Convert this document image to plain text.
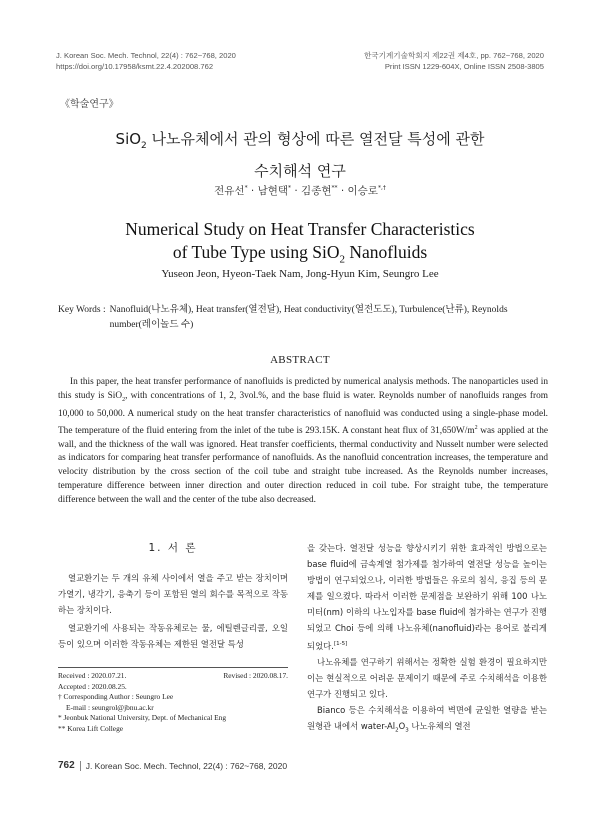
J. Korean Soc. Mech. Technol, 22(4) : 762~768, 2020
https://doi.org/10.17958/ksmt.22.4.202008.762
한국기계기술학회지 제22권 제4호, pp. 762~768, 2020
Print ISSN 1229-604X, Online ISSN 2508-3805
《학술연구》
SiO$_2$ 나노유체에서 관의 형상에 따른 열전달 특성에 관한
수치해석 연구
전유선* · 남현택* · 김종현** · 이승로*,†
Numerical Study on Heat Transfer Characteristics
of Tube Type using SiO$_2$ Nanofluids
Yuseon Jeon, Hyeon-Taek Nam, Jong-Hyun Kim, Seungro Lee
Key Words : Nanofluid(나노유체), Heat transfer(열전달), Heat conductivity(열전도도), Turbulence(난류), Reynolds number(레이놀드 수)
ABSTRACT
In this paper, the heat transfer performance of nanofluids is predicted by numerical analysis methods. The nanoparticles used in this study is SiO$_2$, with concentrations of 1, 2, 3vol.%, and the base fluid is water. Reynolds number of nanofluids ranges from 10,000 to 50,000. A numerical study on the heat transfer characteristics of nanofluid was conducted using a single-phase model. The temperature of the fluid entering from the inlet of the tube is 293.15K. A constant heat flux of $31,650W/m^2$ was applied at the wall, and the thickness of the wall was ignored. Heat transfer coefficients, thermal conductivity and Nusselt number were selected as indicators for comparing heat transfer performance of nanofluids. As the nanofluid concentration increases, the temperature and velocity distribution by the cross section of the coil tube and straight tube increased. As the Reynolds number increases, temperature difference between inner direction and outer direction reduced in coil tube. For straight tube, the temperature difference between the wall and the center of the tube also decreased.
1. 서 론

열교환기는 두 개의 유체 사이에서 열을 주고 받는 장치이며 가열기, 냉각기, 응축기 등이 포함된 열의 회수를 목적으로 작동하는 장치이다.

열교환기에 사용되는 작동유체로는 물, 에틸렌글리콜, 오일 등이 있으며 이러한 작동유체는 제한된 열전달 특성

Received : 2020.07.21.	Revised : 2020.08.17.
Accepted : 2020.08.25.
† Corresponding Author : Seungro Lee
E-mail : seungrol@jbnu.ac.kr
* Jeonbuk National University, Dept. of Mechanical Eng
** Korea Lift College

을 갖는다. 열전달 성능을 향상시키기 위한 효과적인 방법으로는 base fluid에 금속계열 첨가제를 첨가하여 열전달 성능을 높이는 방법이 연구되었으나, 이러한 방법들은 유로의 침식, 응집 등의 문제를 일으켰다. 따라서 이러한 문제점을 보완하기 위해 100 나노미터(nm) 이하의 나노입자를 base fluid에 첨가하는 연구가 진행되었고 Choi 등에 의해 나노유체(nanofluid)라는 용어로 불리게 되었다.[1-5]

나노유체를 연구하기 위해서는 정확한 실험 환경이 필요하지만 이는 현실적으로 어려운 문제이기 때문에 주로 수치해석을 이용한 연구가 진행되고 있다.

Bianco 등은 수치해석을 이용하여 벽면에 균일한 열량을 받는 원형관 내에서 water-$Al_2O_3$ 나노유체의 열전

762 J. Korean Soc. Mech. Technol, 22(4) : 762~768, 2020
